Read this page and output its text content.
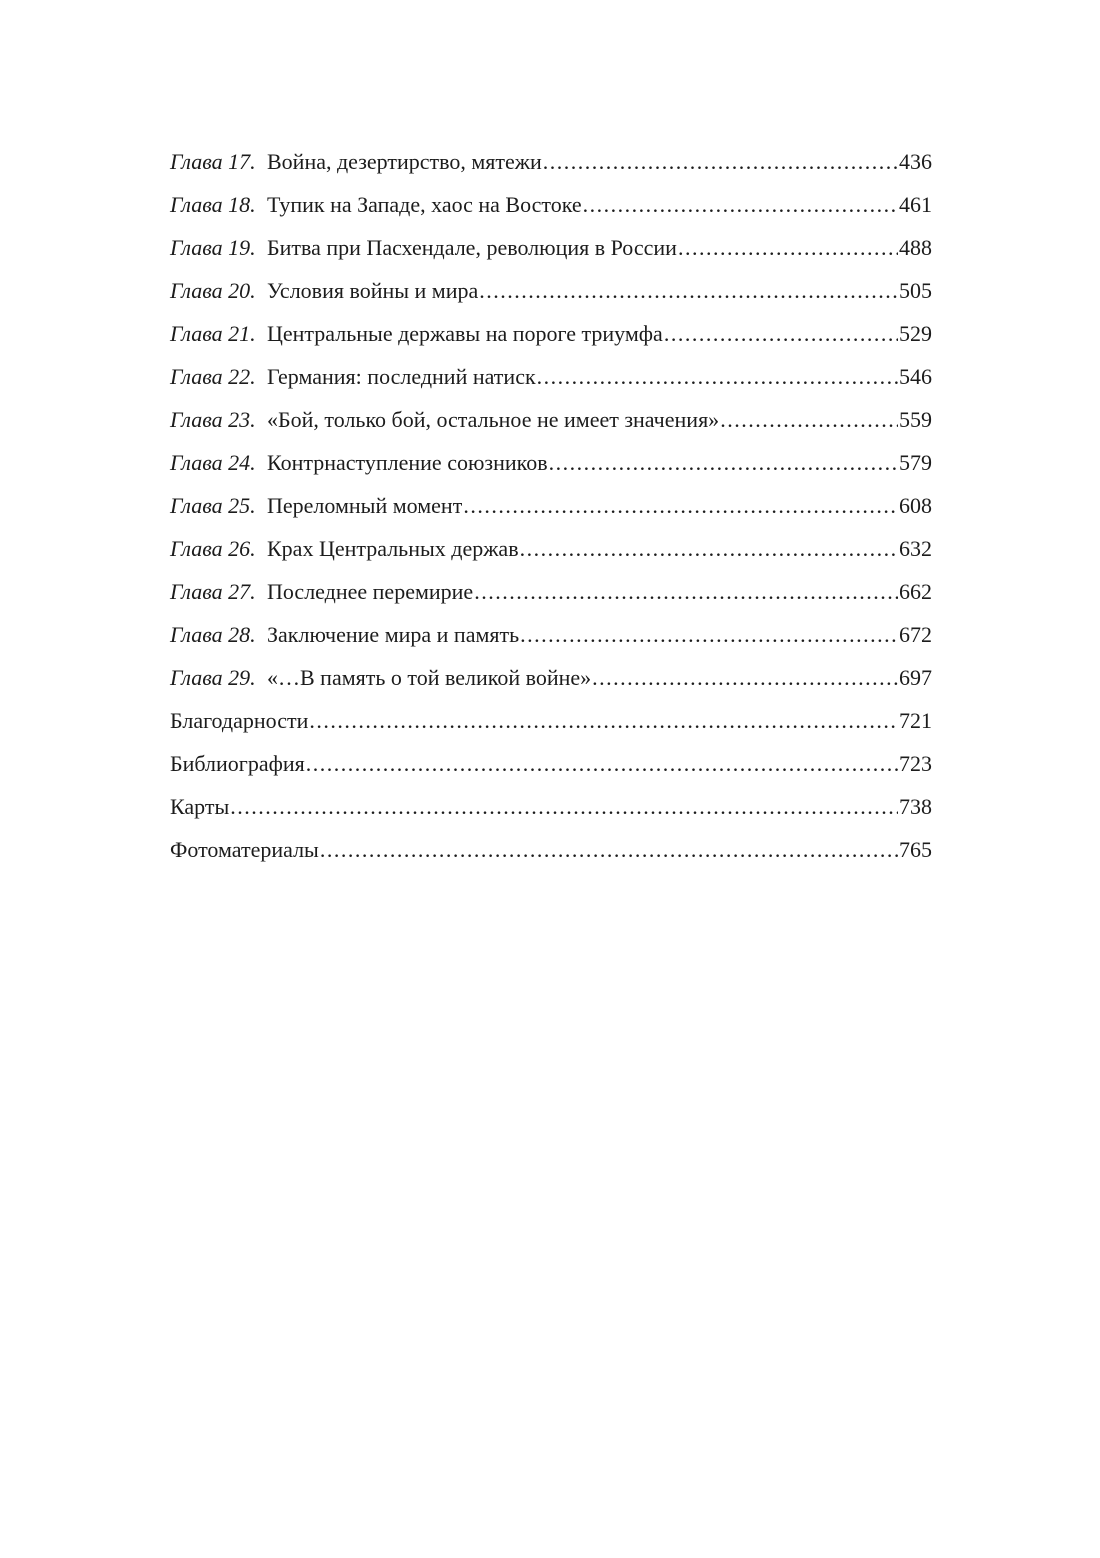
Глава 17. Война, дезертирство, мятежи .....	436
Глава 18. Тупик на Западе, хаос на Востоке .....	461
Глава 19. Битва при Пасхендале, революция в России .....	488
Глава 20. Условия войны и мира .....	505
Глава 21. Центральные державы на пороге триумфа .....	529
Глава 22. Германия: последний натиск .....	546
Глава 23. «Бой, только бой, остальное не имеет значения» .....	559
Глава 24. Контрнаступление союзников .....	579
Глава 25. Переломный момент .....	608
Глава 26. Крах Центральных держав .....	632
Глава 27. Последнее перемирие .....	662
Глава 28. Заключение мира и память .....	672
Глава 29. «…В память о той великой войне» .....	697
Благодарности .....	721
Библиография .....	723
Карты .....	738
Фотоматериалы .....	765
